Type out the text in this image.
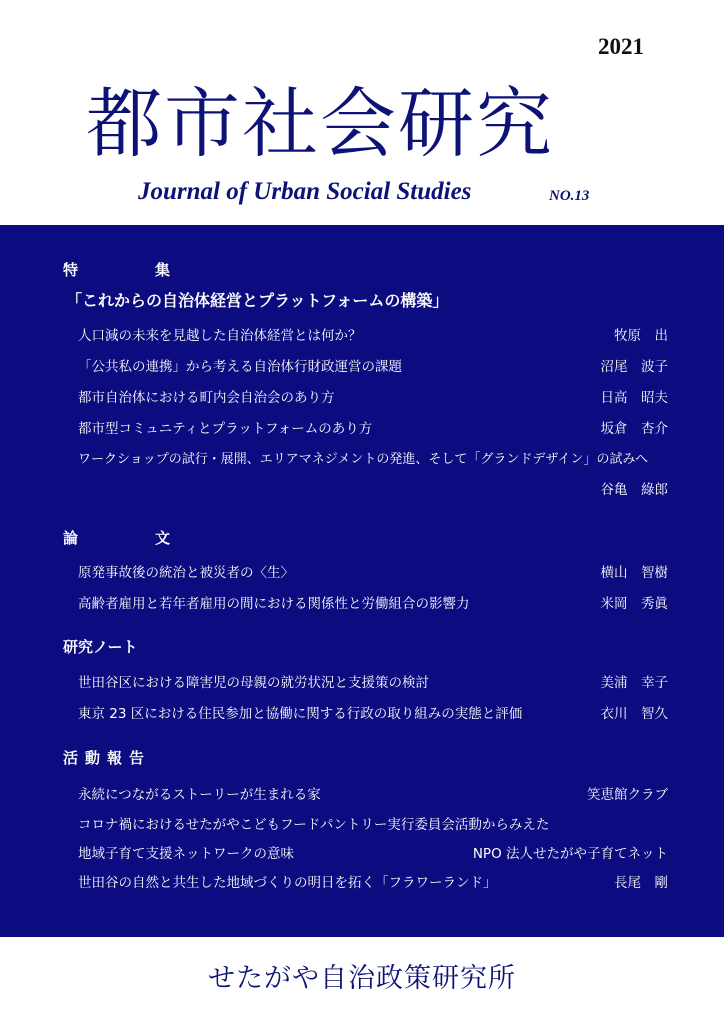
2021
都市社会研究
Journal of Urban Social Studies	NO.13
特　集
「これからの自治体経営とプラットフォームの構築」
人口減の未来を見越した自治体経営とは何か？	牧原　出
「公共私の連携」から考える自治体行財政運営の課題	沼尾　波子
都市自治体における町内会自治会のあり方	日高　昭夫
都市型コミュニティとプラットフォームのあり方	坂倉　杏介
ワークショップの試行・展開、エリアマネジメントの発進、そして「グランドデザイン」の試みへ
谷亀　綠郎
論　文
原発事故後の統治と被災者の〈生〉	横山　智樹
高齢者雇用と若年者雇用の間における関係性と労働組合の影響力	米岡　秀眞
研究ノート
世田谷区における障害児の母親の就労状況と支援策の検討	美浦　幸子
東京 23 区における住民参加と協働に関する行政の取り組みの実態と評価	衣川　智久
活動報告
永続につながるストーリーが生まれる家	笑恵館クラブ
コロナ禍におけるせたがやこどもフードパントリー実行委員会活動からみえた
地域子育て支援ネットワークの意味	NPO 法人せたがや子育てネット
世田谷の自然と共生した地域づくりの明日を拓く「フラワーランド」	長尾　剛
せたがや自治政策研究所
